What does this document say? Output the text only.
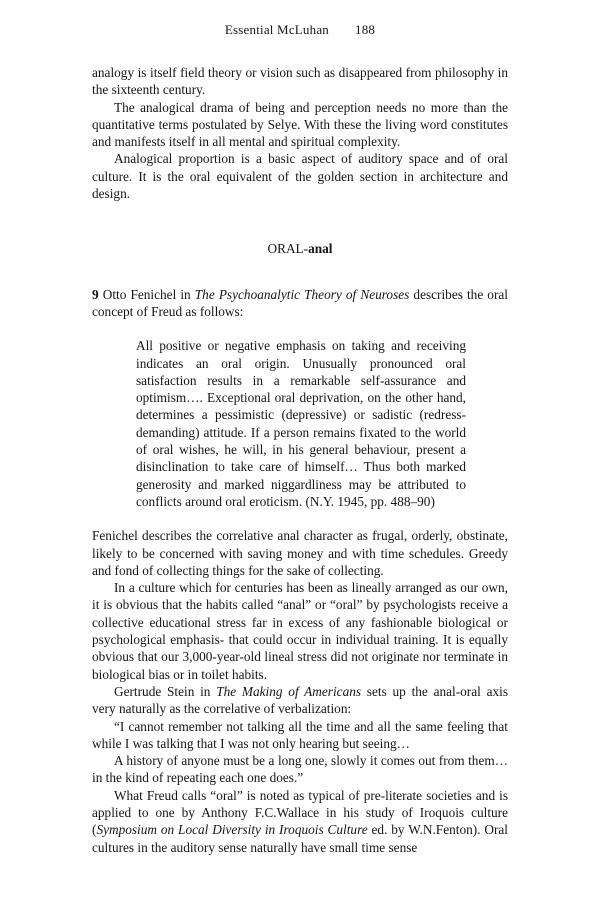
Essential McLuhan 188

analogy is itself field theory or vision such as disappeared from philosophy in the sixteenth century.

The analogical drama of being and perception needs no more than the quantitative terms postulated by Selye. With these the living word constitutes and manifests itself in all mental and spiritual complexity.

Analogical proportion is a basic aspect of auditory space and of oral culture. It is the oral equivalent of the golden section in architecture and design.

ORAL-anal

9 Otto Fenichel in The Psychoanalytic Theory of Neuroses describes the oral concept of Freud as follows:

All positive or negative emphasis on taking and receiving indicates an oral origin. Unusually pronounced oral satisfaction results in a remarkable self-assurance and optimism…. Exceptional oral deprivation, on the other hand, determines a pessimistic (depressive) or sadistic (redress-demanding) attitude. If a person remains fixated to the world of oral wishes, he will, in his general behaviour, present a disinclination to take care of himself… Thus both marked generosity and marked niggardliness may be attributed to conflicts around oral eroticism. (N.Y. 1945, pp. 488–90)

Fenichel describes the correlative anal character as frugal, orderly, obstinate, likely to be concerned with saving money and with time schedules. Greedy and fond of collecting things for the sake of collecting.

In a culture which for centuries has been as lineally arranged as our own, it is obvious that the habits called “anal” or “oral” by psychologists receive a collective educational stress far in excess of any fashionable biological or psychological emphasis- that could occur in individual training. It is equally obvious that our 3,000-year-old lineal stress did not originate nor terminate in biological bias or in toilet habits.

Gertrude Stein in The Making of Americans sets up the anal-oral axis very naturally as the correlative of verbalization:

“I cannot remember not talking all the time and all the same feeling that while I was talking that I was not only hearing but seeing…

A history of anyone must be a long one, slowly it comes out from them… in the kind of repeating each one does.”

What Freud calls “oral” is noted as typical of pre-literate societies and is applied to one by Anthony F.C.Wallace in his study of Iroquois culture (Symposium on Local Diversity in Iroquois Culture ed. by W.N.Fenton). Oral cultures in the auditory sense naturally have small time sense
